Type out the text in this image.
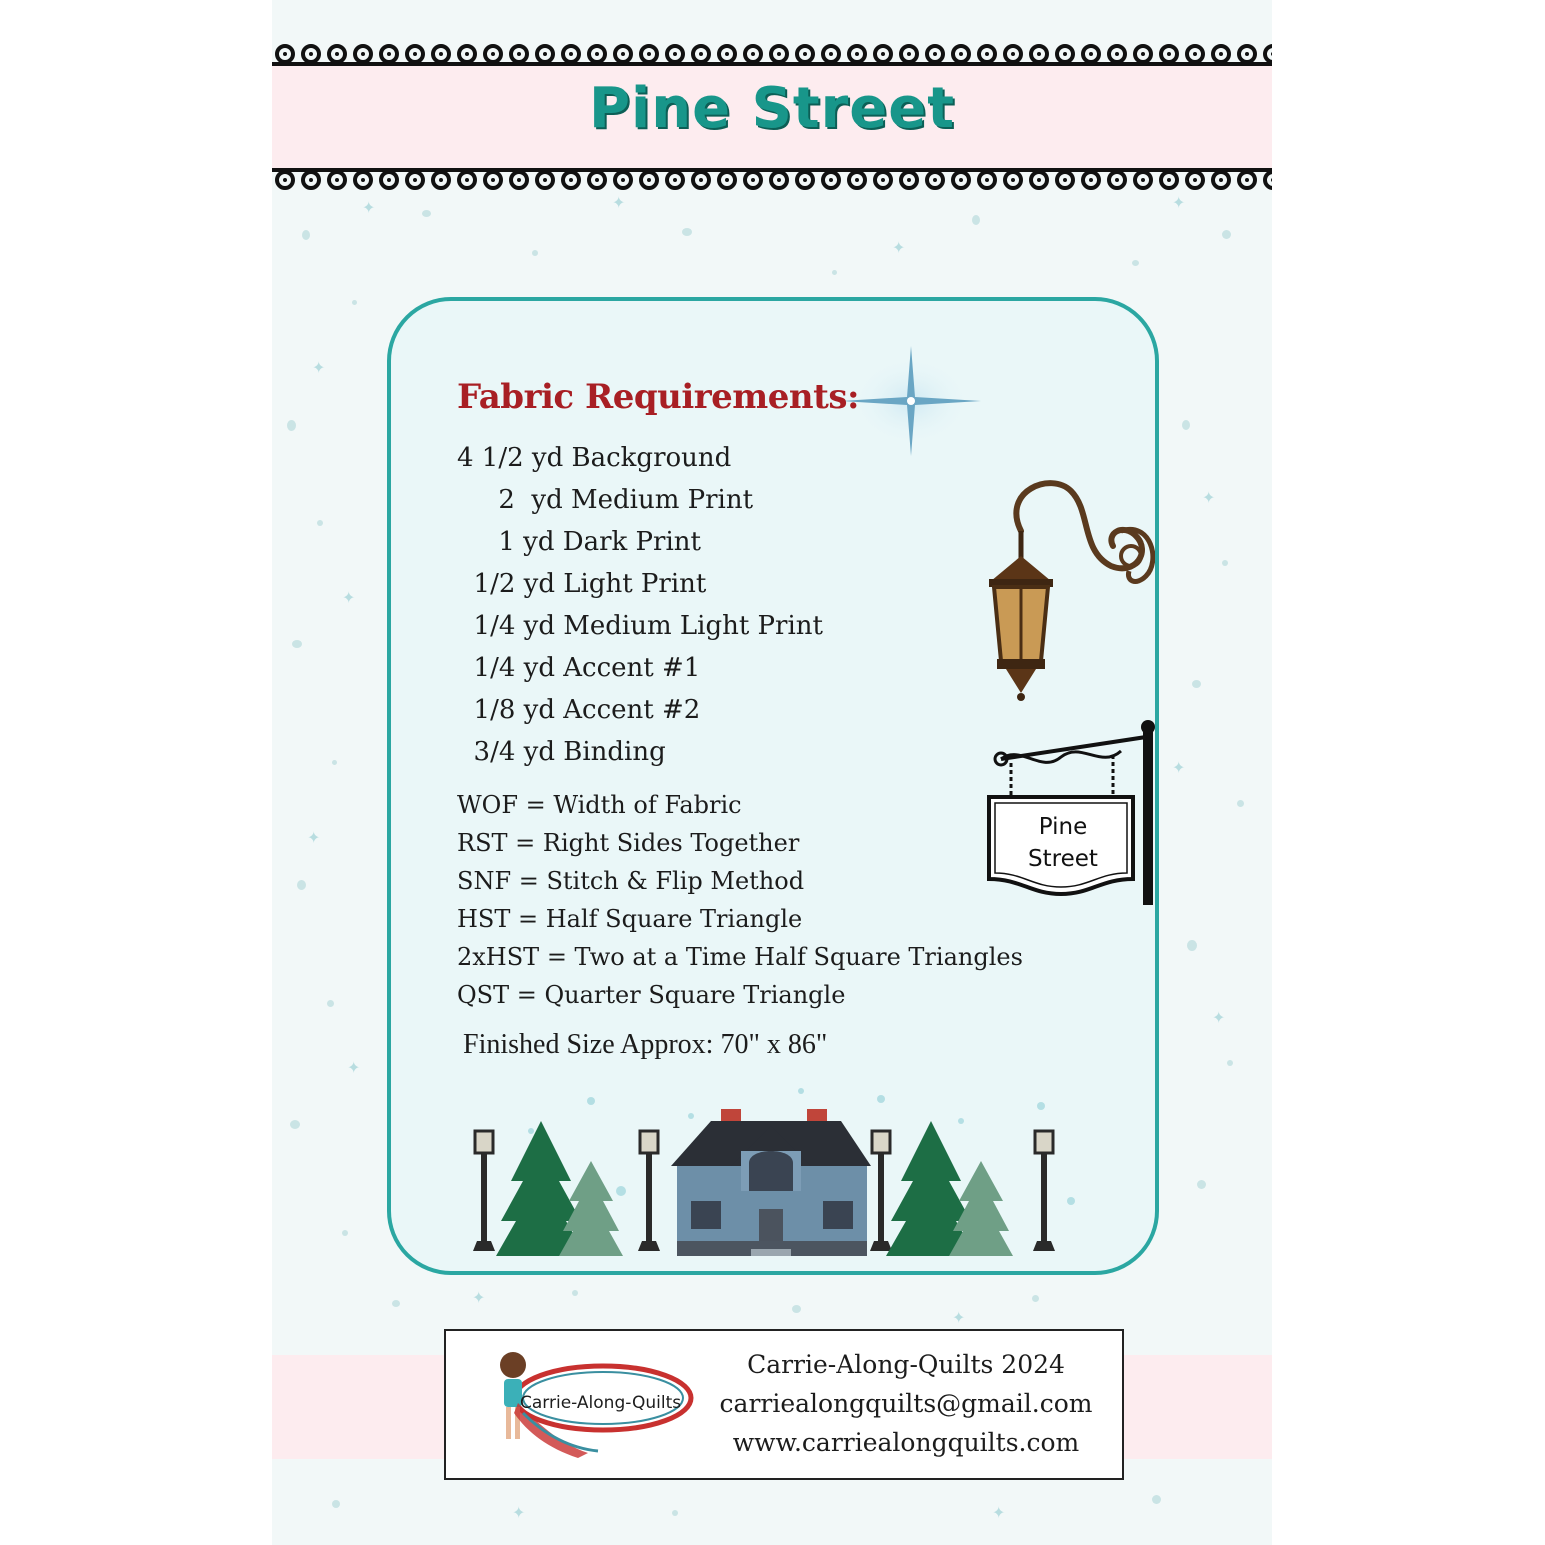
✦	✦
✦
✦
✦
✦
✦
✦
✦
✦
✦
✦
✦
✦	✦
Pine Street
Fabric Requirements:
4 1/2 yd Background
2  yd Medium Print
1 yd Dark Print
1/2 yd Light Print
1/4 yd Medium Light Print
1/4 yd Accent #1
1/8 yd Accent #2
3/4 yd Binding
WOF = Width of Fabric
RST = Right Sides Together
SNF = Stitch & Flip Method
HST = Half Square Triangle
2xHST = Two at a Time Half Square Triangles
QST = Quarter Square Triangle
Finished Size Approx: 70" x 86"
Pine
Street
Carrie-Along-Quilts
Carrie-Along-Quilts 2024
carriealongquilts@gmail.com
www.carriealongquilts.com
